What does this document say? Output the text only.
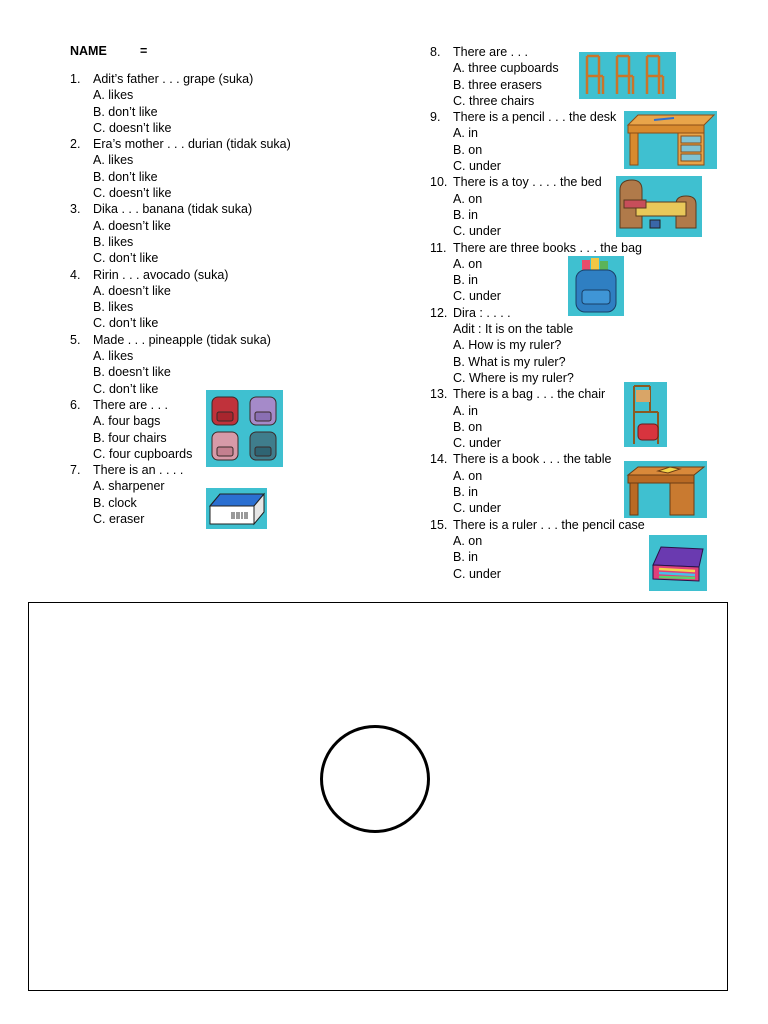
NAME	=
1. Adit’s father . . . grape (suka)
A. likes
B. don’t like
C. doesn’t like
2. Era’s mother . . . durian (tidak suka)
A. likes
B. don’t like
C. doesn’t like
3. Dika . . . banana (tidak suka)
A. doesn’t like
B. likes
C. don’t like
4. Ririn . . . avocado (suka)
A. doesn’t like
B. likes
C. don’t like
5. Made . . . pineapple (tidak suka)
A. likes
B. doesn’t like
C. don’t like
6. There are . . .
A. four bags
B. four chairs
C. four cupboards
7. There is an . . . .
A. sharpener
B. clock
C. eraser
8. There are . . .
A. three cupboards
B. three erasers
C. three chairs
9. There is a pencil . . . the desk
A. in
B. on
C. under
10. There is a toy . . . . the bed
A. on
B. in
C. under
11. There are three books . . . the bag
A. on
B. in
C. under
12. Dira : . . . .
Adit : It is on the table
A. How is my ruler?
B. What is my ruler?
C. Where is my ruler?
13. There is a bag . . . the chair
A. in
B. on
C. under
14. There is a book . . . the table
A. on
B. in
C. under
15. There is a ruler . . . the pencil case
A. on
B. in
C. under
